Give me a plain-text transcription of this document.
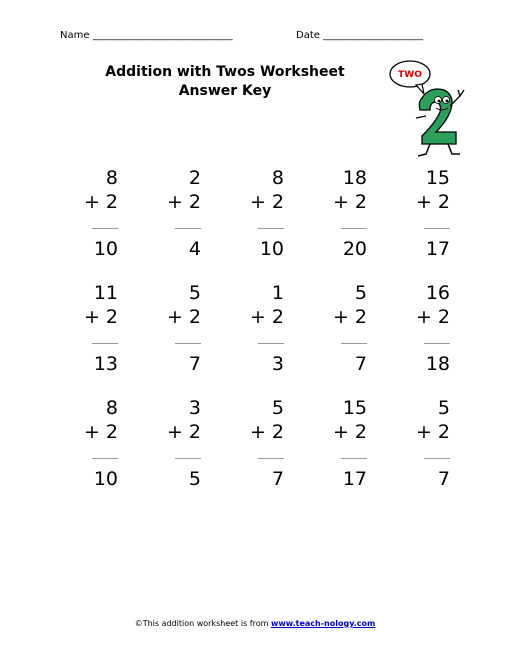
Name ____________________________	Date ____________________
Addition with Twos Worksheet
Answer Key
TWO
8
+ 2
10
2
+ 2
4
8
+ 2
10
18
+ 2
20
15
+ 2
17
11
+ 2
13
5
+ 2
7
1
+ 2
3
5
+ 2
7
16
+ 2
18
8
+ 2
10
3
+ 2
5
5
+ 2
7
15
+ 2
17
5
+ 2
7
©This addition worksheet is from www.teach-nology.com
